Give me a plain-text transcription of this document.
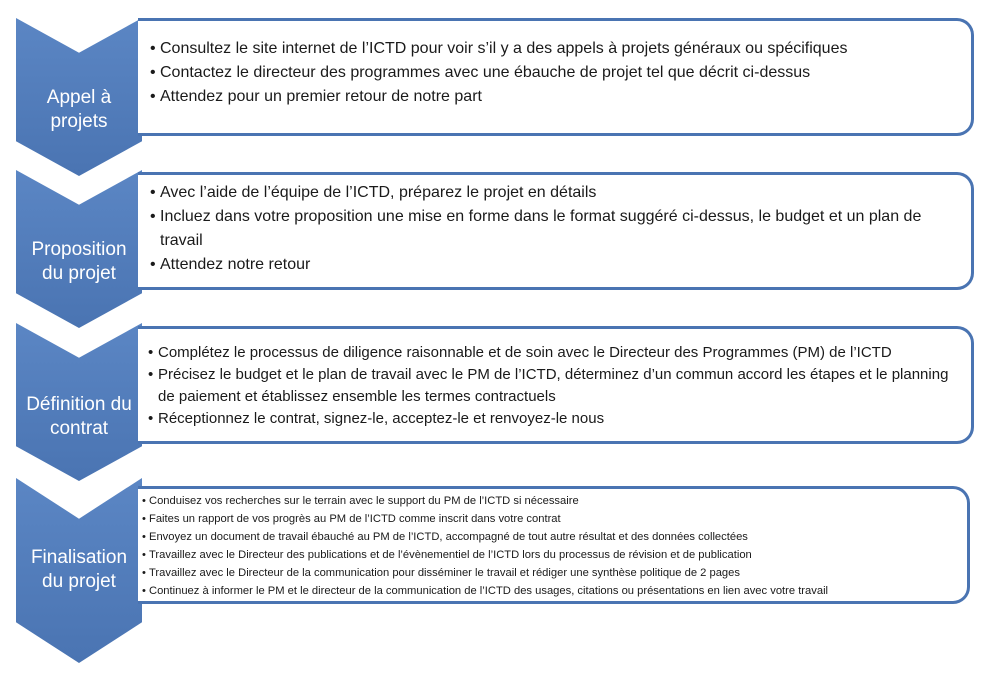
Appel à
projets
• Consultez le site internet de l’ICTD pour voir s’il y a des appels à projets généraux ou spécifiques
• Contactez le directeur des programmes avec une ébauche de projet tel que décrit ci-dessus
• Attendez pour un premier retour de notre part
Proposition
du projet
• Avec l’aide de l’équipe de l’ICTD, préparez le projet en détails
• Incluez dans votre proposition une mise en forme dans le format suggéré ci-dessus, le budget et un plan de travail
• Attendez notre retour
Définition du
contrat
• Complétez le processus de diligence raisonnable et de soin avec le Directeur des Programmes (PM) de l’ICTD
• Précisez le budget et le plan de travail avec le PM de l’ICTD, déterminez d’un commun accord les étapes et le planning de paiement et établissez ensemble les termes contractuels
• Réceptionnez le contrat, signez-le, acceptez-le et renvoyez-le nous
Finalisation
du projet
• Conduisez vos recherches sur le terrain avec le support du PM de l’ICTD si nécessaire
• Faites un rapport de vos progrès au PM de l’ICTD comme inscrit dans votre contrat
• Envoyez un document de travail ébauché au PM de l’ICTD, accompagné de tout autre résultat et des données collectées
• Travaillez avec le Directeur des publications et de l’évènementiel de l’ICTD lors du processus de révision et de publication
• Travaillez avec le Directeur de la communication pour disséminer le travail et rédiger une synthèse politique de 2 pages
• Continuez à informer le PM et le directeur de la communication de l’ICTD des usages, citations ou présentations en lien avec votre travail
